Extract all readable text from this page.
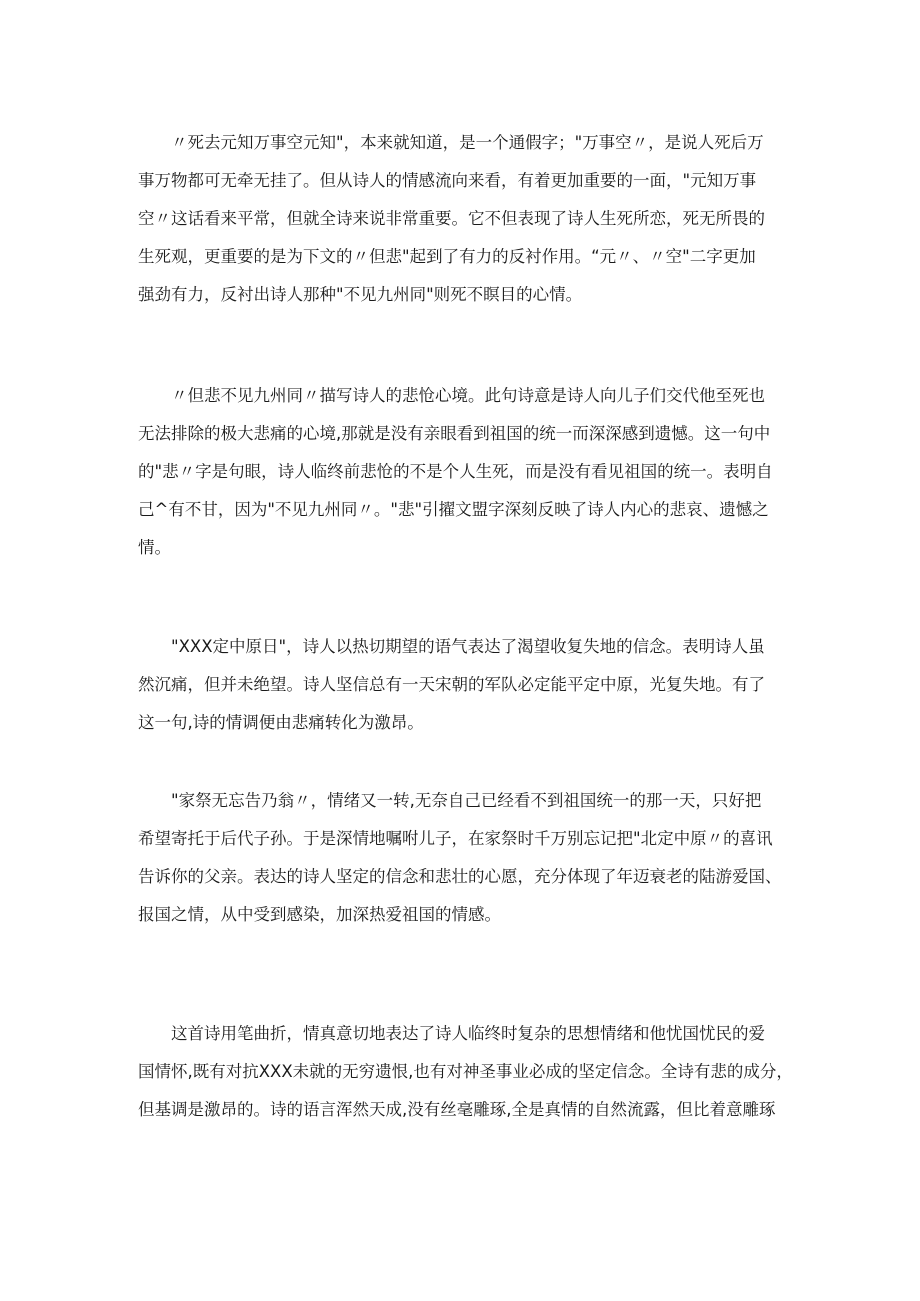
　　〃死去元知万事空元知"，本来就知道，是一个通假字；"万事空〃，是说人死后万
事万物都可无牵无挂了。但从诗人的情感流向来看，有着更加重要的一面，"元知万事
空〃这话看来平常，但就全诗来说非常重要。它不但表现了诗人生死所恋，死无所畏的
生死观，更重要的是为下文的〃但悲"起到了有力的反衬作用。“元〃、〃空"二字更加
强劲有力，反衬出诗人那种"不见九州同"则死不瞑目的心情。
　　〃但悲不见九州同〃描写诗人的悲怆心境。此句诗意是诗人向儿子们交代他至死也
无法排除的极大悲痛的心境,那就是没有亲眼看到祖国的统一而深深感到遗憾。这一句中
的"悲〃字是句眼，诗人临终前悲怆的不是个人生死，而是没有看见祖国的统一。表明自
己^有不甘，因为"不见九州同〃。"悲"引擢文盟字深刻反映了诗人内心的悲哀、遗憾之
情。
　　"XXX定中原日"，诗人以热切期望的语气表达了渴望收复失地的信念。表明诗人虽
然沉痛，但并未绝望。诗人坚信总有一天宋朝的军队必定能平定中原，光复失地。有了
这一句,诗的情调便由悲痛转化为激昂。
　　"家祭无忘告乃翁〃，情绪又一转,无奈自己已经看不到祖国统一的那一天，只好把
希望寄托于后代子孙。于是深情地嘱咐儿子，在家祭时千万别忘记把"北定中原〃的喜讯
告诉你的父亲。表达的诗人坚定的信念和悲壮的心愿，充分体现了年迈衰老的陆游爱国、
报国之情，从中受到感染，加深热爱祖国的情感。
　　这首诗用笔曲折，情真意切地表达了诗人临终时复杂的思想情绪和他忧国忧民的爱
国情怀,既有对抗XXX未就的无穷遗恨,也有对神圣事业必成的坚定信念。全诗有悲的成分，
但基调是激昂的。诗的语言浑然天成,没有丝毫雕琢,全是真情的自然流露，但比着意雕琢
